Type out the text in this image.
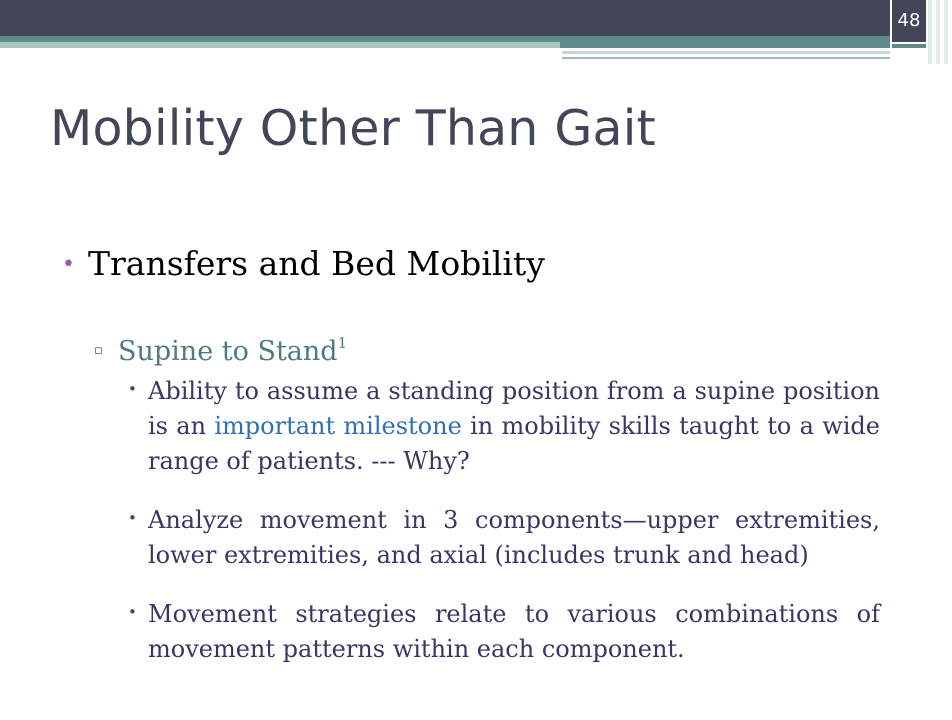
48
Mobility Other Than Gait
• Transfers and Bed Mobility
▫ Supine to Stand$^1$
• Ability to assume a standing position from a supine position is an important milestone in mobility skills taught to a wide range of patients. --- Why?
• Analyze movement in 3 components—upper extremities, lower extremities, and axial (includes trunk and head)
• Movement strategies relate to various combinations of movement patterns within each component.
